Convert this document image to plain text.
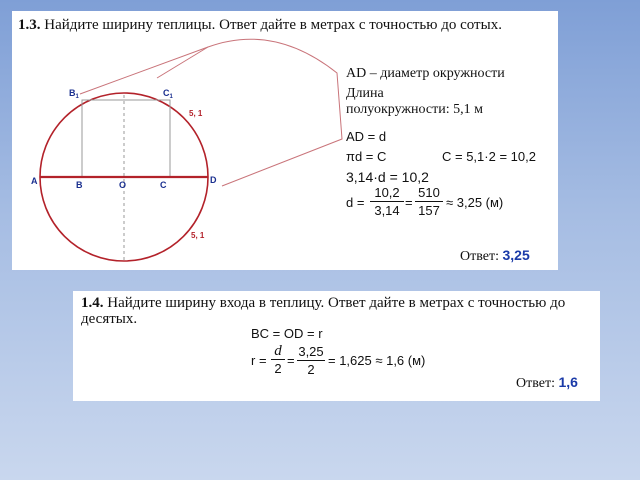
1.3. Найдите ширину теплицы. Ответ дайте в метрах с точностью до сотых.
$B_1$	$C_1$
A	B	O	C	D
5, 1
5, 1
AD – диаметр окружности
Длина
полуокружности: 5,1 м
AD = d
πd = C	C = 5,1·2 = 10,2
3,14·d = 10,2
d =
10,2
3,14
=
510
157
≈ 3,25 (м)
Ответ: 3,25
1.4. Найдите ширину входа в теплицу. Ответ дайте в метрах с точностью до десятых.
BC = OD = r
r =
d
2
=
3,25
2
= 1,625 ≈ 1,6 (м)
Ответ: 1,6
